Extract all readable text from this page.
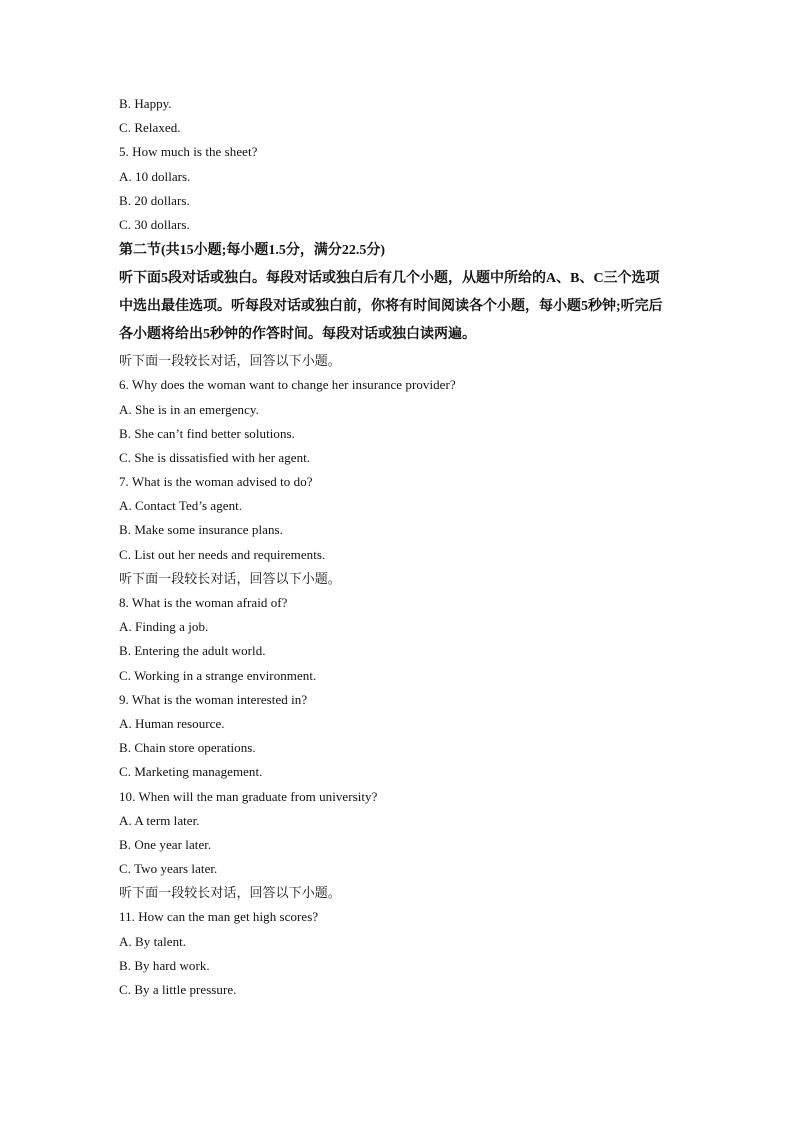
B. Happy.
C. Relaxed.
5. How much is the sheet?
A. 10 dollars.
B. 20 dollars.
C. 30 dollars.
第二节(共15小题;每小题1.5分，满分22.5分)
听下面5段对话或独白。每段对话或独白后有几个小题，从题中所给的A、B、C三个选项
中选出最佳选项。听每段对话或独白前，你将有时间阅读各个小题，每小题5秒钟;听完后
各小题将给出5秒钟的作答时间。每段对话或独白读两遍。
听下面一段较长对话，回答以下小题。
6. Why does the woman want to change her insurance provider?
A. She is in an emergency.
B. She can’t find better solutions.
C. She is dissatisfied with her agent.
7. What is the woman advised to do?
A. Contact Ted’s agent.
B. Make some insurance plans.
C. List out her needs and requirements.
听下面一段较长对话，回答以下小题。
8. What is the woman afraid of?
A. Finding a job.
B. Entering the adult world.
C. Working in a strange environment.
9. What is the woman interested in?
A. Human resource.
B. Chain store operations.
C. Marketing management.
10. When will the man graduate from university?
A. A term later.
B. One year later.
C. Two years later.
听下面一段较长对话，回答以下小题。
11. How can the man get high scores?
A. By talent.
B. By hard work.
C. By a little pressure.
